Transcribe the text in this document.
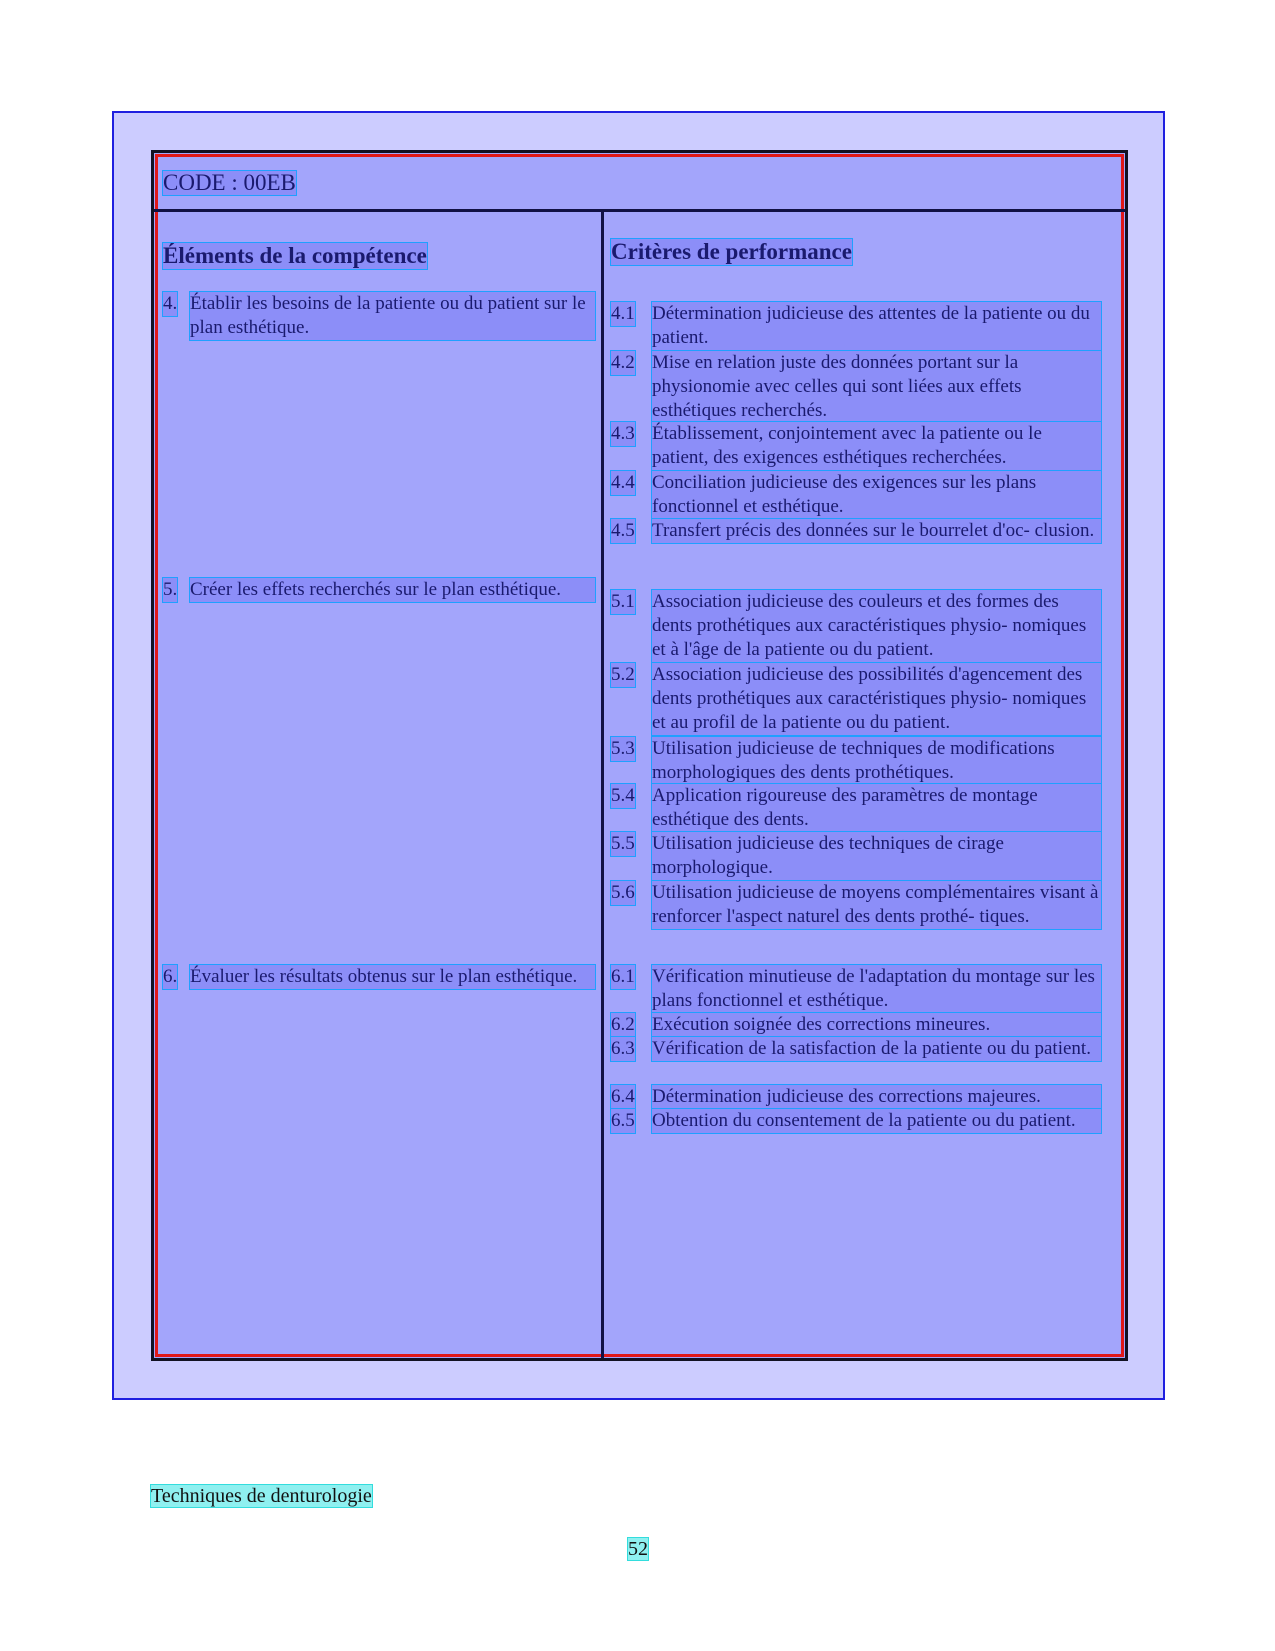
CODE : 00EB
Éléments de la compétence	Critères de performance
4. Établir les besoins de la patiente ou du patient sur le plan esthétique.
5. Créer les effets recherchés sur le plan esthétique.
6. Évaluer les résultats obtenus sur le plan esthétique.
4.1 Détermination judicieuse des attentes de la patiente ou du patient.
4.2 Mise en relation juste des données portant sur la physionomie avec celles qui sont liées aux effets esthétiques recherchés.
4.3 Établissement, conjointement avec la patiente ou le patient, des exigences esthétiques recherchées.
4.4 Conciliation judicieuse des exigences sur les plans fonctionnel et esthétique.
4.5 Transfert précis des données sur le bourrelet d'oc- clusion.
5.1 Association judicieuse des couleurs et des formes des dents prothétiques aux caractéristiques physio- nomiques et à l'âge de la patiente ou du patient.
5.2 Association judicieuse des possibilités d'agencement des dents prothétiques aux caractéristiques physio- nomiques et au profil de la patiente ou du patient.
5.3 Utilisation judicieuse de techniques de modifications morphologiques des dents prothétiques.
5.4 Application rigoureuse des paramètres de montage esthétique des dents.
5.5 Utilisation judicieuse des techniques de cirage morphologique.
5.6 Utilisation judicieuse de moyens complémentaires visant à renforcer l'aspect naturel des dents prothé- tiques.
6.1 Vérification minutieuse de l'adaptation du montage sur les plans fonctionnel et esthétique.
6.2 Exécution soignée des corrections mineures.
6.3 Vérification de la satisfaction de la patiente ou du patient.
6.4 Détermination judicieuse des corrections majeures.
6.5 Obtention du consentement de la patiente ou du patient.
Techniques de denturologie
52
